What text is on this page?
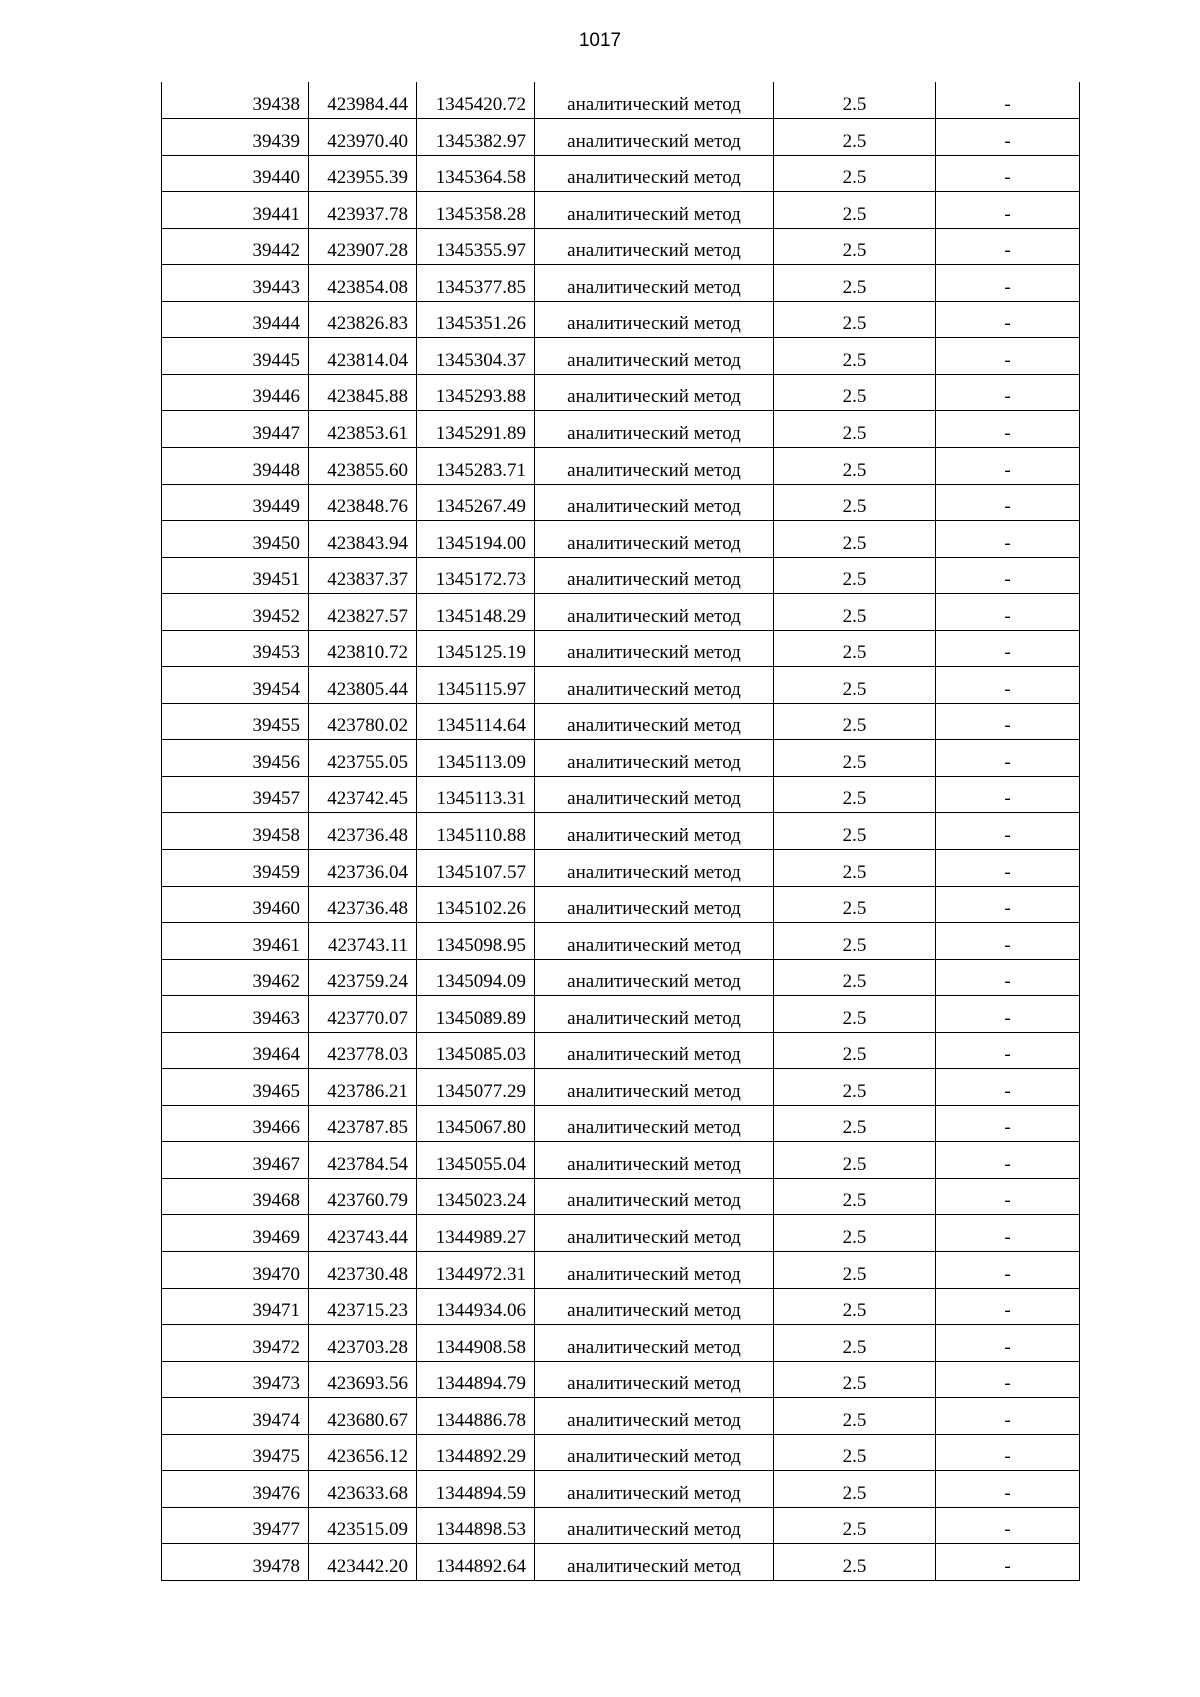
1017
39438	423984.44	1345420.72	аналитический метод	2.5	-
39439	423970.40	1345382.97	аналитический метод	2.5	-
39440	423955.39	1345364.58	аналитический метод	2.5	-
39441	423937.78	1345358.28	аналитический метод	2.5	-
39442	423907.28	1345355.97	аналитический метод	2.5	-
39443	423854.08	1345377.85	аналитический метод	2.5	-
39444	423826.83	1345351.26	аналитический метод	2.5	-
39445	423814.04	1345304.37	аналитический метод	2.5	-
39446	423845.88	1345293.88	аналитический метод	2.5	-
39447	423853.61	1345291.89	аналитический метод	2.5	-
39448	423855.60	1345283.71	аналитический метод	2.5	-
39449	423848.76	1345267.49	аналитический метод	2.5	-
39450	423843.94	1345194.00	аналитический метод	2.5	-
39451	423837.37	1345172.73	аналитический метод	2.5	-
39452	423827.57	1345148.29	аналитический метод	2.5	-
39453	423810.72	1345125.19	аналитический метод	2.5	-
39454	423805.44	1345115.97	аналитический метод	2.5	-
39455	423780.02	1345114.64	аналитический метод	2.5	-
39456	423755.05	1345113.09	аналитический метод	2.5	-
39457	423742.45	1345113.31	аналитический метод	2.5	-
39458	423736.48	1345110.88	аналитический метод	2.5	-
39459	423736.04	1345107.57	аналитический метод	2.5	-
39460	423736.48	1345102.26	аналитический метод	2.5	-
39461	423743.11	1345098.95	аналитический метод	2.5	-
39462	423759.24	1345094.09	аналитический метод	2.5	-
39463	423770.07	1345089.89	аналитический метод	2.5	-
39464	423778.03	1345085.03	аналитический метод	2.5	-
39465	423786.21	1345077.29	аналитический метод	2.5	-
39466	423787.85	1345067.80	аналитический метод	2.5	-
39467	423784.54	1345055.04	аналитический метод	2.5	-
39468	423760.79	1345023.24	аналитический метод	2.5	-
39469	423743.44	1344989.27	аналитический метод	2.5	-
39470	423730.48	1344972.31	аналитический метод	2.5	-
39471	423715.23	1344934.06	аналитический метод	2.5	-
39472	423703.28	1344908.58	аналитический метод	2.5	-
39473	423693.56	1344894.79	аналитический метод	2.5	-
39474	423680.67	1344886.78	аналитический метод	2.5	-
39475	423656.12	1344892.29	аналитический метод	2.5	-
39476	423633.68	1344894.59	аналитический метод	2.5	-
39477	423515.09	1344898.53	аналитический метод	2.5	-
39478	423442.20	1344892.64	аналитический метод	2.5	-
